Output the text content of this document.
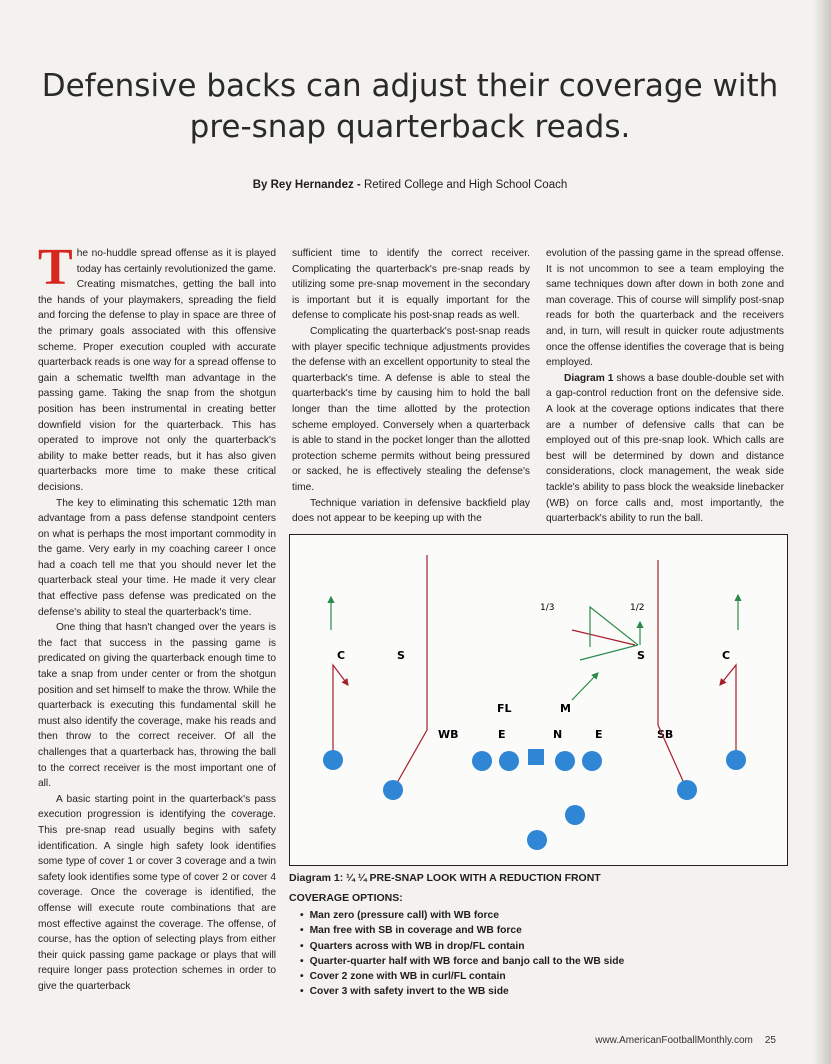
Defensive backs can adjust their coverage with pre-snap quarterback reads.
By Rey Hernandez - Retired College and High School Coach

The no-huddle spread offense as it is played today has certainly revolutionized the game. Creating mismatches, getting the ball into the hands of your playmakers, spreading the field and forcing the defense to play in space are three of the primary goals associated with this offensive scheme. Proper execution coupled with accurate quarterback reads is one way for a spread offense to gain a schematic twelfth man advantage in the passing game. Taking the snap from the shotgun position has been instrumental in creating better downfield vision for the quarterback. This has operated to improve not only the quarterback's ability to make better reads, but it has also given quarterbacks more time to make these critical decisions.

The key to eliminating this schematic 12th man advantage from a pass defense standpoint centers on what is perhaps the most important commodity in the game. Very early in my coaching career I once had a coach tell me that you should never let the quarterback steal your time. He made it very clear that effective pass defense was predicated on the defense's ability to steal the quarterback's time.

One thing that hasn't changed over the years is the fact that success in the passing game is predicated on giving the quarterback enough time to take a snap from under center or from the shotgun position and set himself to make the throw. While the quarterback is executing this fundamental skill he must also identify the coverage, make his reads and then throw to the correct receiver. Of all the challenges that a quarterback has, throwing the ball to the correct receiver is the most important one of all.

A basic starting point in the quarterback's pass execution progression is identifying the coverage. This pre-snap read usually begins with safety identification. A single high safety look identifies some type of cover 1 or cover 3 coverage and a twin safety look identifies some type of cover 2 or cover 4 coverage. Once the coverage is identified, the offense will execute route combinations that are most effective against the coverage. The offense, of course, has the option of selecting plays from either their quick passing game package or plays that will require longer pass protection schemes in order to give the quarterback

sufficient time to identify the correct receiver. Complicating the quarterback's pre-snap reads by utilizing some pre-snap movement in the secondary is important but it is equally important for the defense to complicate his post-snap reads as well.

Complicating the quarterback's post-snap reads with player specific technique adjustments provides the defense with an excellent opportunity to steal the quarterback's time. A defense is able to steal the quarterback's time by causing him to hold the ball longer than the time allotted by the protection scheme employed. Conversely when a quarterback is able to stand in the pocket longer than the allotted protection scheme permits without being pressured or sacked, he is effectively stealing the defense's time.

Technique variation in defensive backfield play does not appear to be keeping up with the

evolution of the passing game in the spread offense. It is not uncommon to see a team employing the same techniques down after down in both zone and man coverage. This of course will simplify post-snap reads for both the quarterback and the receivers and, in turn, will result in quicker route adjustments once the offense identifies the coverage that is being employed.

Diagram 1 shows a base double-double set with a gap-control reduction front on the defensive side. A look at the coverage options indicates that there are a number of defensive calls that can be employed out of this pre-snap look. Which calls are best will be determined by down and distance considerations, clock management, the weak side tackle's ability to pass block the weakside linebacker (WB) on force calls and, most importantly, the quarterback's ability to run the ball.

C	S
WB
FL	M
E	N	E	SB
S	C
1/3	1/2
Diagram 1: ¼ ¼ PRE-SNAP LOOK WITH A REDUCTION FRONT
COVERAGE OPTIONS:
• Man zero (pressure call) with WB force
• Man free with SB in coverage and WB force
• Quarters across with WB in drop/FL contain
• Quarter-quarter half with WB force and banjo call to the WB side
• Cover 2 zone with WB in curl/FL contain
• Cover 3 with safety invert to the WB side
www.AmericanFootballMonthly.com 25
